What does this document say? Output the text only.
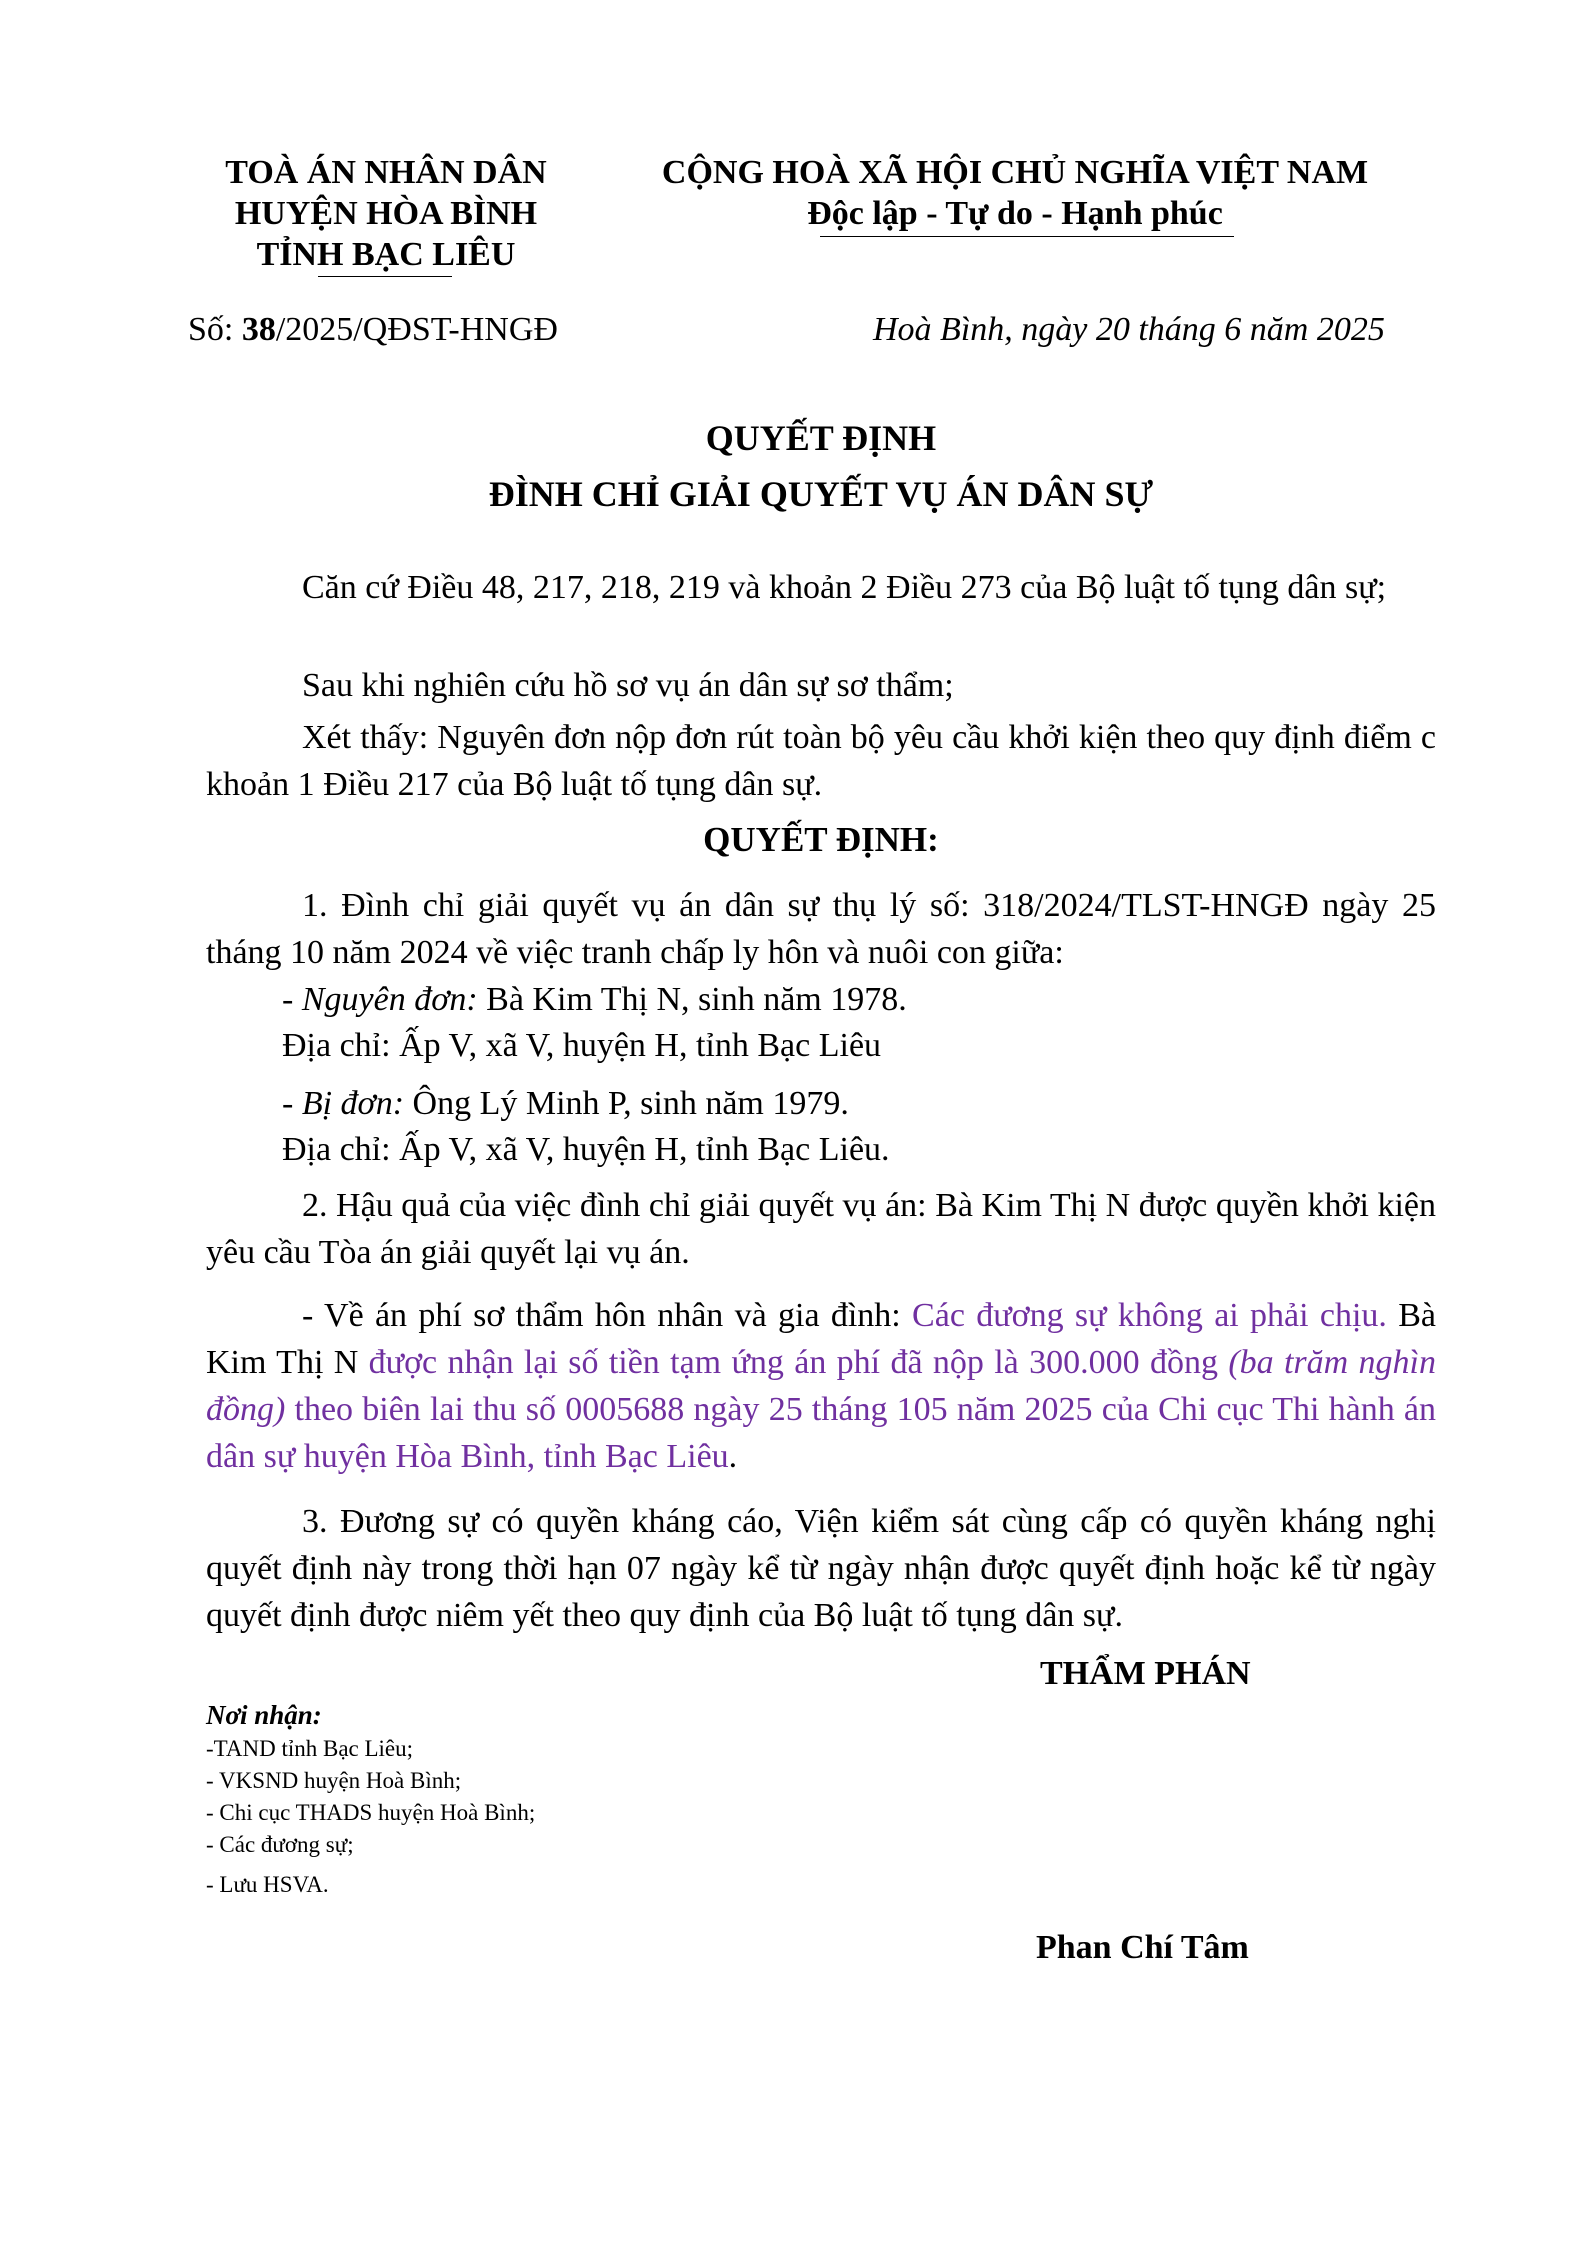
TOÀ ÁN NHÂN DÂN
HUYỆN HÒA BÌNH
TỈNH BẠC LIÊU
CỘNG HOÀ XÃ HỘI CHỦ NGHĨA VIỆT NAM
Độc lập - Tự do - Hạnh phúc
Số: 38/2025/QĐST-HNGĐ	Hoà Bình, ngày 20 tháng 6 năm 2025
QUYẾT ĐỊNH
ĐÌNH CHỈ GIẢI QUYẾT VỤ ÁN DÂN SỰ

Căn cứ Điều 48, 217, 218, 219 và khoản 2 Điều 273 của Bộ luật tố tụng dân sự;

Sau khi nghiên cứu hồ sơ vụ án dân sự sơ thẩm;

Xét thấy: Nguyên đơn nộp đơn rút toàn bộ yêu cầu khởi kiện theo quy định điểm c khoản 1 Điều 217 của Bộ luật tố tụng dân sự.

QUYẾT ĐỊNH:

1. Đình chỉ giải quyết vụ án dân sự thụ lý số: 318/2024/TLST-HNGĐ ngày 25 tháng 10 năm 2024 về việc tranh chấp ly hôn và nuôi con giữa:

- Nguyên đơn: Bà Kim Thị N, sinh năm 1978.
Địa chỉ: Ấp V, xã V, huyện H, tỉnh Bạc Liêu
- Bị đơn: Ông Lý Minh P, sinh năm 1979.
Địa chỉ: Ấp V, xã V, huyện H, tỉnh Bạc Liêu.

2. Hậu quả của việc đình chỉ giải quyết vụ án: Bà Kim Thị N được quyền khởi kiện yêu cầu Tòa án giải quyết lại vụ án.

- Về án phí sơ thẩm hôn nhân và gia đình: Các đương sự không ai phải chịu. Bà Kim Thị N được nhận lại số tiền tạm ứng án phí đã nộp là 300.000 đồng (ba trăm nghìn đồng) theo biên lai thu số 0005688 ngày 25 tháng 105 năm 2025 của Chi cục Thi hành án dân sự huyện Hòa Bình, tỉnh Bạc Liêu.

3. Đương sự có quyền kháng cáo, Viện kiểm sát cùng cấp có quyền kháng nghị quyết định này trong thời hạn 07 ngày kể từ ngày nhận được quyết định hoặc kể từ ngày quyết định được niêm yết theo quy định của Bộ luật tố tụng dân sự.

THẨM PHÁN
Nơi nhận:
-TAND tỉnh Bạc Liêu;
- VKSND huyện Hoà Bình;
- Chi cục THADS huyện Hoà Bình;
- Các đương sự;
- Lưu HSVA.
Phan Chí Tâm
